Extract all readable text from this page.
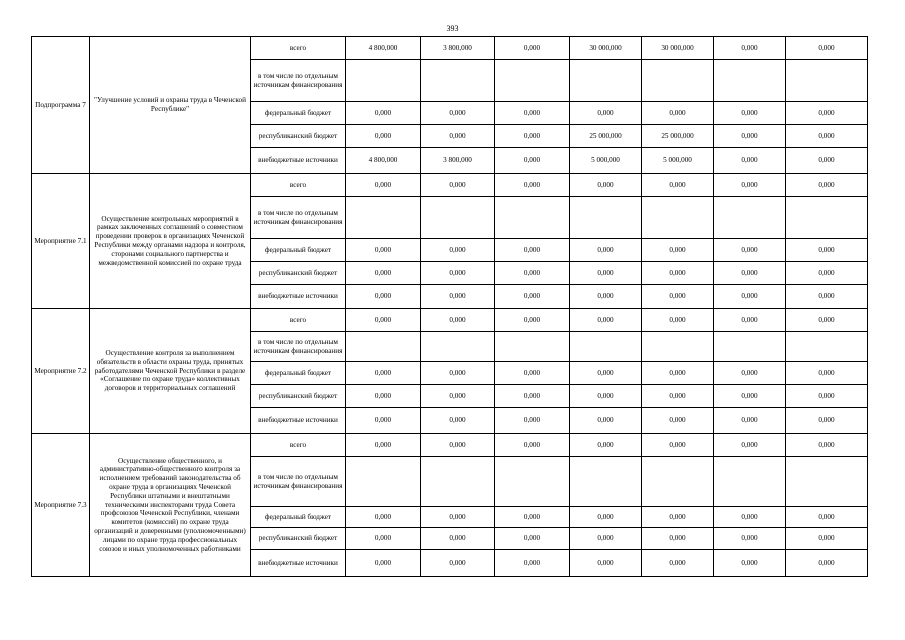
393
Подпрограмма 7	"Улучшение условий и охраны труда в Чеченской Республике"	всего	4 800,000	3 800,000	0,000	30 000,000	30 000,000	0,000	0,000
		в том числе по отдельным источникам финансирования							
		федеральный бюджет	0,000	0,000	0,000	0,000	0,000	0,000	0,000
		республиканский бюджет	0,000	0,000	0,000	25 000,000	25 000,000	0,000	0,000
		внебюджетные источники	4 800,000	3 800,000	0,000	5 000,000	5 000,000	0,000	0,000
Мероприятие 7.1	Осуществление контрольных мероприятий в рамках заключенных соглашений о совместном проведении проверок в организациях Чеченской Республики между органами надзора и контроля, сторонами социального партнерства и межведомственной комиссией по охране труда	всего	0,000	0,000	0,000	0,000	0,000	0,000	0,000
		в том числе по отдельным источникам финансирования							
		федеральный бюджет	0,000	0,000	0,000	0,000	0,000	0,000	0,000
		республиканский бюджет	0,000	0,000	0,000	0,000	0,000	0,000	0,000
		внебюджетные источники	0,000	0,000	0,000	0,000	0,000	0,000	0,000
Мероприятие 7.2	Осуществление контроля за выполнением обязательств в области охраны труда, принятых работодателями Чеченской Республики в разделе «Соглашение по охране труда» коллективных договоров и территориальных соглашений	всего	0,000	0,000	0,000	0,000	0,000	0,000	0,000
		в том числе по отдельным источникам финансирования							
		федеральный бюджет	0,000	0,000	0,000	0,000	0,000	0,000	0,000
		республиканский бюджет	0,000	0,000	0,000	0,000	0,000	0,000	0,000
		внебюджетные источники	0,000	0,000	0,000	0,000	0,000	0,000	0,000
Мероприятие 7.3	Осуществление общественного, и административно-общественного контроля за исполнением требований законодательства об охране труда в организациях Чеченской Республики штатными и внештатными техническими инспекторами труда Совета профсоюзов Чеченской Республики, членами комитетов (комиссий) по охране труда организаций и доверенными (уполномоченными) лицами по охране труда профессиональных союзов и иных уполномоченных работниками	всего	0,000	0,000	0,000	0,000	0,000	0,000	0,000
		в том числе по отдельным источникам финансирования							
		федеральный бюджет	0,000	0,000	0,000	0,000	0,000	0,000	0,000
		республиканский бюджет	0,000	0,000	0,000	0,000	0,000	0,000	0,000
		внебюджетные источники	0,000	0,000	0,000	0,000	0,000	0,000	0,000
